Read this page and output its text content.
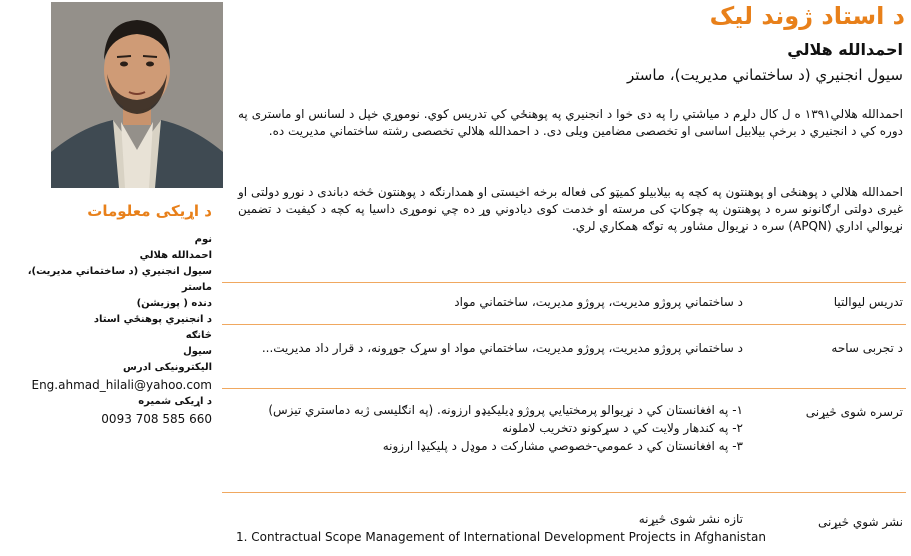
د اړيکی معلومات
نوم
احمدالله هلالي
سيول انجنيري (د ساختماني مديريت)، ماستر
دنده ( پوزيشن)
د انجنيري پوهنځي استاد
څانګه
سيول
اليکترونيکی ادرس
Eng.ahmad_hilali@yahoo.com
د اړيکی شميره
0093 708 585 660
د استاد ژوند ليک
احمدالله هلالي
سيول انجنيري (د ساختماني مديريت)، ماستر
احمدالله هلالي۱۳۹۱ ه ل کال دلړم د مياشتي را په دی خوا د انجنيري په پوهنځي کي تدريس کوي. نوموړي خپل د لسانس او ماستری په دوره کي د انجنيري د برخې بيلابيل اساسی او تخصصی مضامين ويلی دی. د احمدالله هلالي تخصصی رشته ساختماني مديريت ده.
احمدالله هلالي د پوهنځی او پوهنتون په کچه په بيلابيلو کميټو کی فعاله برخه اخيستی او همدارنګه د پوهنتون څخه دباندی د نورو دولتی او غيری دولتی ارګانونو سره د پوهنتون په چوکاټ کی مرسته او خدمت کوی ديادوني وړ ده چي نوموړی داسيا په کچه د کيفيت د تضمين نړيوالي اداري (APQN) سره د نړيوال مشاور په توګه همکاري لري.
تدريس ليوالتيا
د ساختماني پروژو مديريت، پروژو مديريت، ساختماني مواد
د تجربی ساحه
د ساختماني پروژو مديريت، پروژو مديريت، ساختماني مواد او سړک جوړونه، د قرار داد مديريت...
ترسره شوی څيړنی
۱- په افغانستان کي د نړيوالو پرمختيايي پروژو ډيليکيډو ارزونه. (په انګليسی ژبه دماستري تيزس)
۲- په کندهار ولايت کي د سړکونو دتخريب لاملونه
۳- په افغانستان کي د عمومي-خصوصي مشارکت د موډل د پليکيډا ارزونه
نشر شوي څيړنی
تازه نشر شوی څيړنه
1. Contractual Scope Management of International Development Projects in Afghanistan
